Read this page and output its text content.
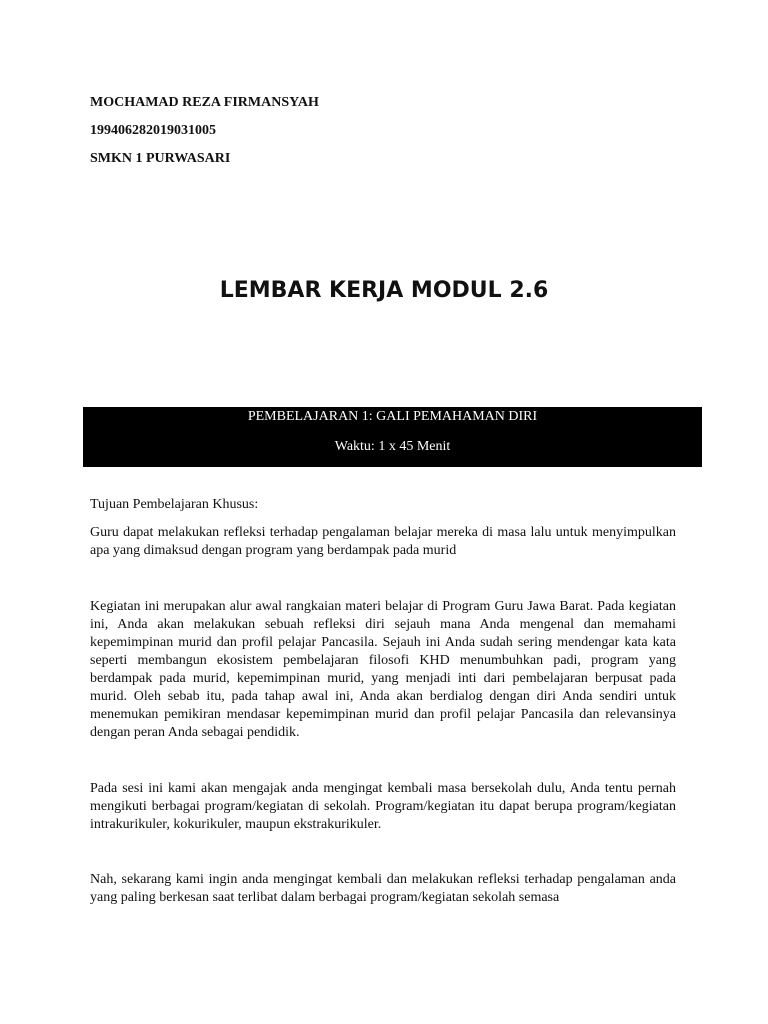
MOCHAMAD REZA FIRMANSYAH

199406282019031005

SMKN 1 PURWASARI

LEMBAR KERJA MODUL 2.6
PEMBELAJARAN 1: GALI PEMAHAMAN DIRI
Waktu: 1 x 45 Menit

Tujuan Pembelajaran Khusus:

Guru dapat melakukan refleksi terhadap pengalaman belajar mereka di masa lalu untuk menyimpulkan apa yang dimaksud dengan program yang berdampak pada murid

Kegiatan ini merupakan alur awal rangkaian materi belajar di Program Guru Jawa Barat. Pada kegiatan ini, Anda akan melakukan sebuah refleksi diri sejauh mana Anda mengenal dan memahami kepemimpinan murid dan profil pelajar Pancasila. Sejauh ini Anda sudah sering mendengar kata kata seperti membangun ekosistem pembelajaran filosofi KHD menumbuhkan padi, program yang berdampak pada murid, kepemimpinan murid, yang menjadi inti dari pembelajaran berpusat pada murid. Oleh sebab itu, pada tahap awal ini, Anda akan berdialog dengan diri Anda sendiri untuk menemukan pemikiran mendasar kepemimpinan murid dan profil pelajar Pancasila dan relevansinya dengan peran Anda sebagai pendidik.

Pada sesi ini kami akan mengajak anda mengingat kembali masa bersekolah dulu, Anda tentu pernah mengikuti berbagai program/kegiatan di sekolah. Program/kegiatan itu dapat berupa program/kegiatan intrakurikuler, kokurikuler, maupun ekstrakurikuler.

Nah, sekarang kami ingin anda mengingat kembali dan melakukan refleksi terhadap pengalaman anda yang paling berkesan saat terlibat dalam berbagai program/kegiatan sekolah semasa
